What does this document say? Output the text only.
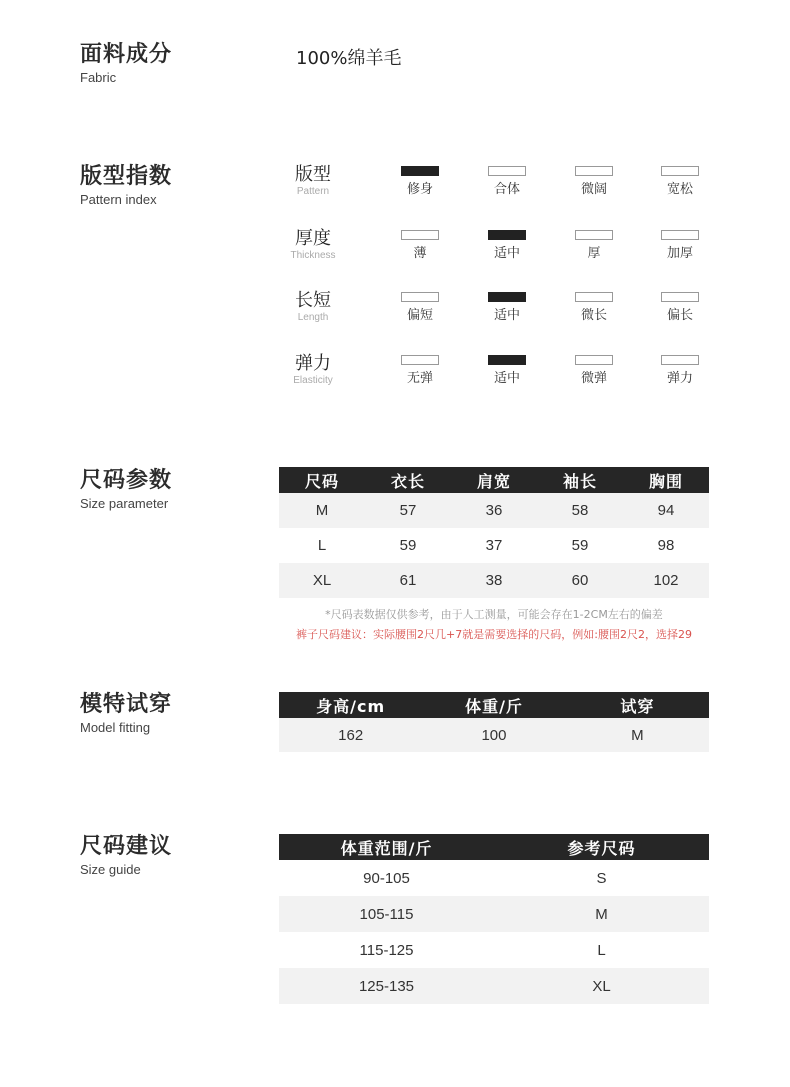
面料成分
Fabric
100%绵羊毛
版型指数
Pattern index
版型
Pattern	修身	合体	微阔	宽松
厚度
Thickness	薄	适中	厚	加厚
长短
Length	偏短	适中	微长	偏长
弹力
Elasticity	无弹	适中	微弹	弹力
尺码参数
Size parameter
尺码	衣长	肩宽	袖长	胸围
M	57	36	58	94
L	59	37	59	98
XL	61	38	60	102
*尺码表数据仅供参考，由于人工测量，可能会存在1-2CM左右的偏差
裤子尺码建议：实际腰围2尺几+7就是需要选择的尺码，例如:腰围2尺2，选择29
模特试穿
Model fitting
身高/cm	体重/斤	试穿
162	100	M
尺码建议
Size guide
体重范围/斤	参考尺码
90-105	S
105-115	M
115-125	L
125-135	XL
